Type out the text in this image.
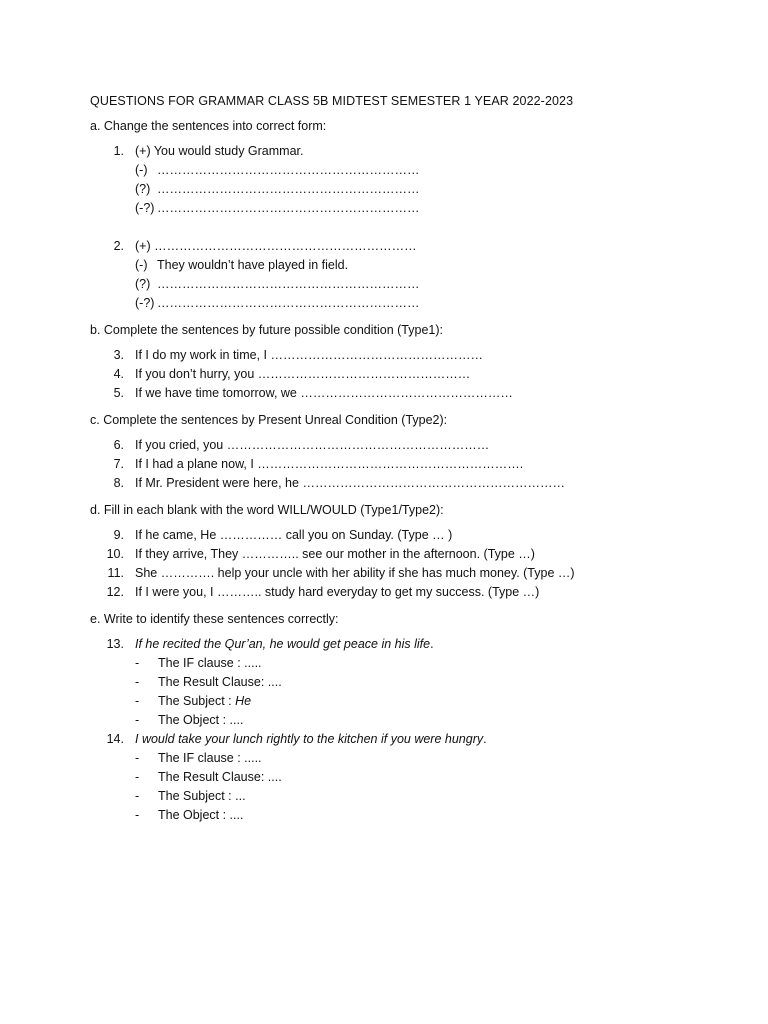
QUESTIONS FOR GRAMMAR CLASS 5B MIDTEST SEMESTER 1 YEAR 2022-2023
a. Change the sentences into correct form:
1. (+) You would study Grammar.
(-) ………………………………………………………
(?) ………………………………………………………
(-?) ………………………………………………………
2. (+) ………………………………………………………
(-) They wouldn’t have played in field.
(?) ………………………………………………………
(-?) ………………………………………………………
b. Complete the sentences by future possible condition (Type1):
3. If I do my work in time, I ……………………………………………
4. If you don’t hurry, you ……………………………………………
5. If we have time tomorrow, we ……………………………………………
c. Complete the sentences by Present Unreal Condition (Type2):
6. If you cried, you ………………………………………………………
7. If I had a plane now, I ……………………………………………………….
8. If Mr. President were here, he ………………………………………………………
d. Fill in each blank with the word WILL/WOULD (Type1/Type2):
9. If he came, He …………… call you on Sunday. (Type … )
10. If they arrive, They ………….. see our mother in the afternoon. (Type …)
11. She …………. help your uncle with her ability if she has much money. (Type …)
12. If I were you, I ……….. study hard everyday to get my success. (Type …)
e. Write to identify these sentences correctly:
13. If he recited the Qur’an, he would get peace in his life.
- The IF clause : .....
- The Result Clause: ....
- The Subject : He
- The Object : ....
14. I would take your lunch rightly to the kitchen if you were hungry.
- The IF clause : .....
- The Result Clause: ....
- The Subject : ...
- The Object : ....
